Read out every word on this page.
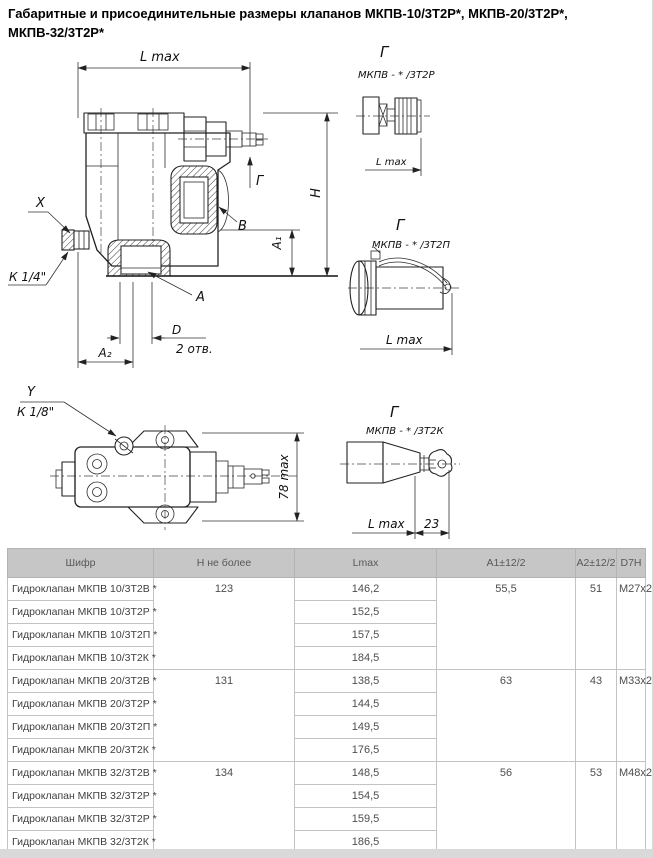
Габаритные и присоединительные размеры клапанов МКПВ-10/3Т2Р*, МКПВ-20/3Т2Р*, МКПВ-32/3Т2Р*
L max
Г
H
A₁
B
X
К 1/4"
A
D
2 отв.
A₂
Y
К 1/8"
78 max
Г
МКПВ - * /3Т2Р
L max
Г
МКПВ - * /3Т2П
L max
Г
МКПВ - * /3Т2К
L max 23
Шифр	Н не более	Lmax	А1±12/2	А2±12/2	D7H
Гидроклапан МКПВ 10/3Т2В *	123	146,2	55,5	51	М27х2
Гидроклапан МКПВ 10/3Т2Р *		152,5			
Гидроклапан МКПВ 10/3Т2П *		157,5			
Гидроклапан МКПВ 10/3Т2К *		184,5			
Гидроклапан МКПВ 20/3Т2В *	131	138,5	63	43	М33х2
Гидроклапан МКПВ 20/3Т2Р *		144,5			
Гидроклапан МКПВ 20/3Т2П *		149,5			
Гидроклапан МКПВ 20/3Т2К *		176,5			
Гидроклапан МКПВ 32/3Т2В *	134	148,5	56	53	М48х2
Гидроклапан МКПВ 32/3Т2Р *		154,5			
Гидроклапан МКПВ 32/3Т2Р *		159,5			
Гидроклапан МКПВ 32/3Т2К *		186,5			
